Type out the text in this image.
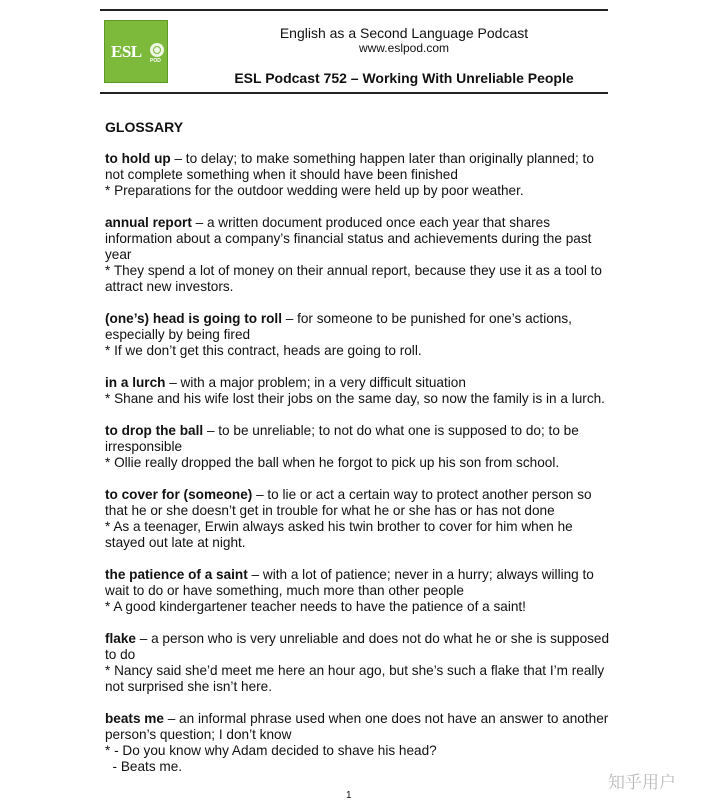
ESL POD
English as a Second Language Podcast
www.eslpod.com
ESL Podcast 752 – Working With Unreliable People
GLOSSARY

to hold up – to delay; to make something happen later than originally planned; to not complete something when it should have been finished

* Preparations for the outdoor wedding were held up by poor weather.

annual report – a written document produced once each year that shares information about a company’s financial status and achievements during the past year

* They spend a lot of money on their annual report, because they use it as a tool to attract new investors.

(one’s) head is going to roll – for someone to be punished for one’s actions, especially by being fired

* If we don’t get this contract, heads are going to roll.

in a lurch – with a major problem; in a very difficult situation

* Shane and his wife lost their jobs on the same day, so now the family is in a lurch.

to drop the ball – to be unreliable; to not do what one is supposed to do; to be irresponsible

* Ollie really dropped the ball when he forgot to pick up his son from school.

to cover for (someone) – to lie or act a certain way to protect another person so that he or she doesn’t get in trouble for what he or she has or has not done

* As a teenager, Erwin always asked his twin brother to cover for him when he stayed out late at night.

the patience of a saint – with a lot of patience; never in a hurry; always willing to wait to do or have something, much more than other people

* A good kindergartener teacher needs to have the patience of a saint!

flake – a person who is very unreliable and does not do what he or she is supposed to do

* Nancy said she’d meet me here an hour ago, but she’s such a flake that I’m really not surprised she isn’t here.

beats me – an informal phrase used when one does not have an answer to another person’s question; I don’t know

* - Do you know why Adam decided to shave his head?

- Beats me.

1
知乎用户
